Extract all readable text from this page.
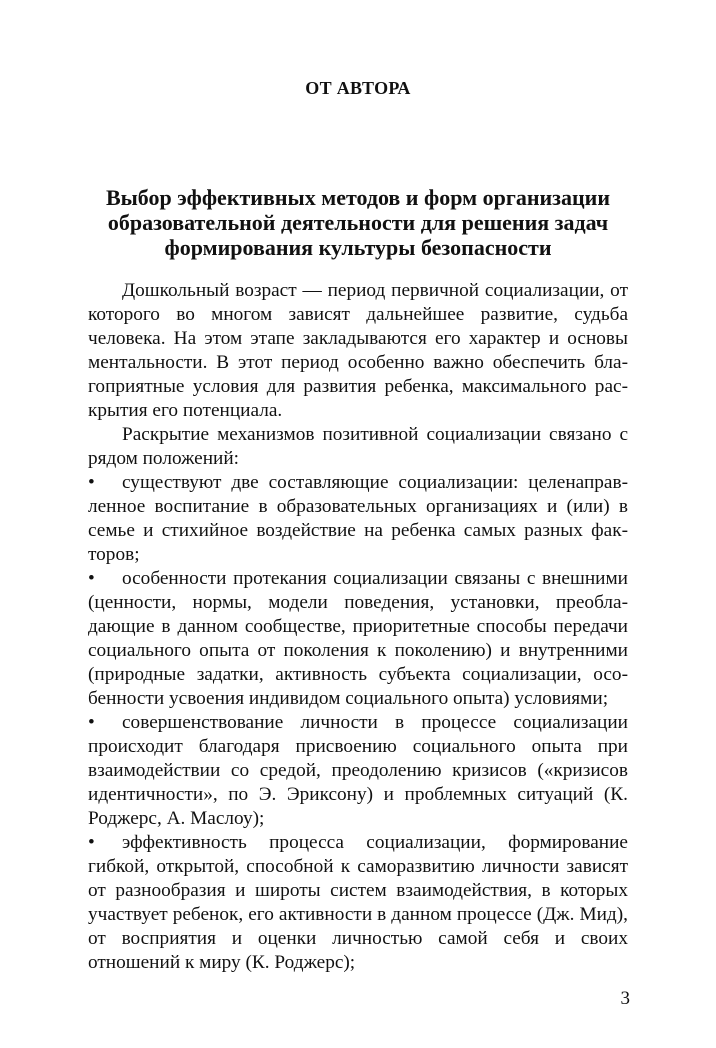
ОТ АВТОРА
Выбор эффективных методов и форм организации
образовательной деятельности для решения задач
формирования культуры безопасности

Дошкольный возраст — период первичной социализации, от которого во многом зависят дальнейшее развитие, судьба человека. На этом этапе закладываются его характер и основы ментальности. В этот период особенно важно обеспечить благоприятные условия для развития ребенка, максимального раскрытия его потенциала.

Раскрытие механизмов позитивной социализации связано с рядом положений:

• существуют две составляющие социализации: целенаправленное воспитание в образовательных организациях и (или) в семье и стихийное воздействие на ребенка самых разных факторов;

• особенности протекания социализации связаны с внешними (ценности, нормы, модели поведения, установки, преобладающие в данном сообществе, приоритетные способы передачи социального опыта от поколения к поколению) и внутренними (природные задатки, активность субъекта социализации, особенности усвоения индивидом социального опыта) условиями;

• совершенствование личности в процессе социализации происходит благодаря присвоению социального опыта при взаимодействии со средой, преодолению кризисов («кризисов идентичности», по Э. Эриксону) и проблемных ситуаций (К. Роджерс, А. Маслоу);

• эффективность процесса социализации, формирование гибкой, открытой, способной к саморазвитию личности зависят от разнообразия и широты систем взаимодействия, в которых участвует ребенок, его активности в данном процессе (Дж. Мид), от восприятия и оценки личностью самой себя и своих отношений к миру (К. Роджерс);

3
